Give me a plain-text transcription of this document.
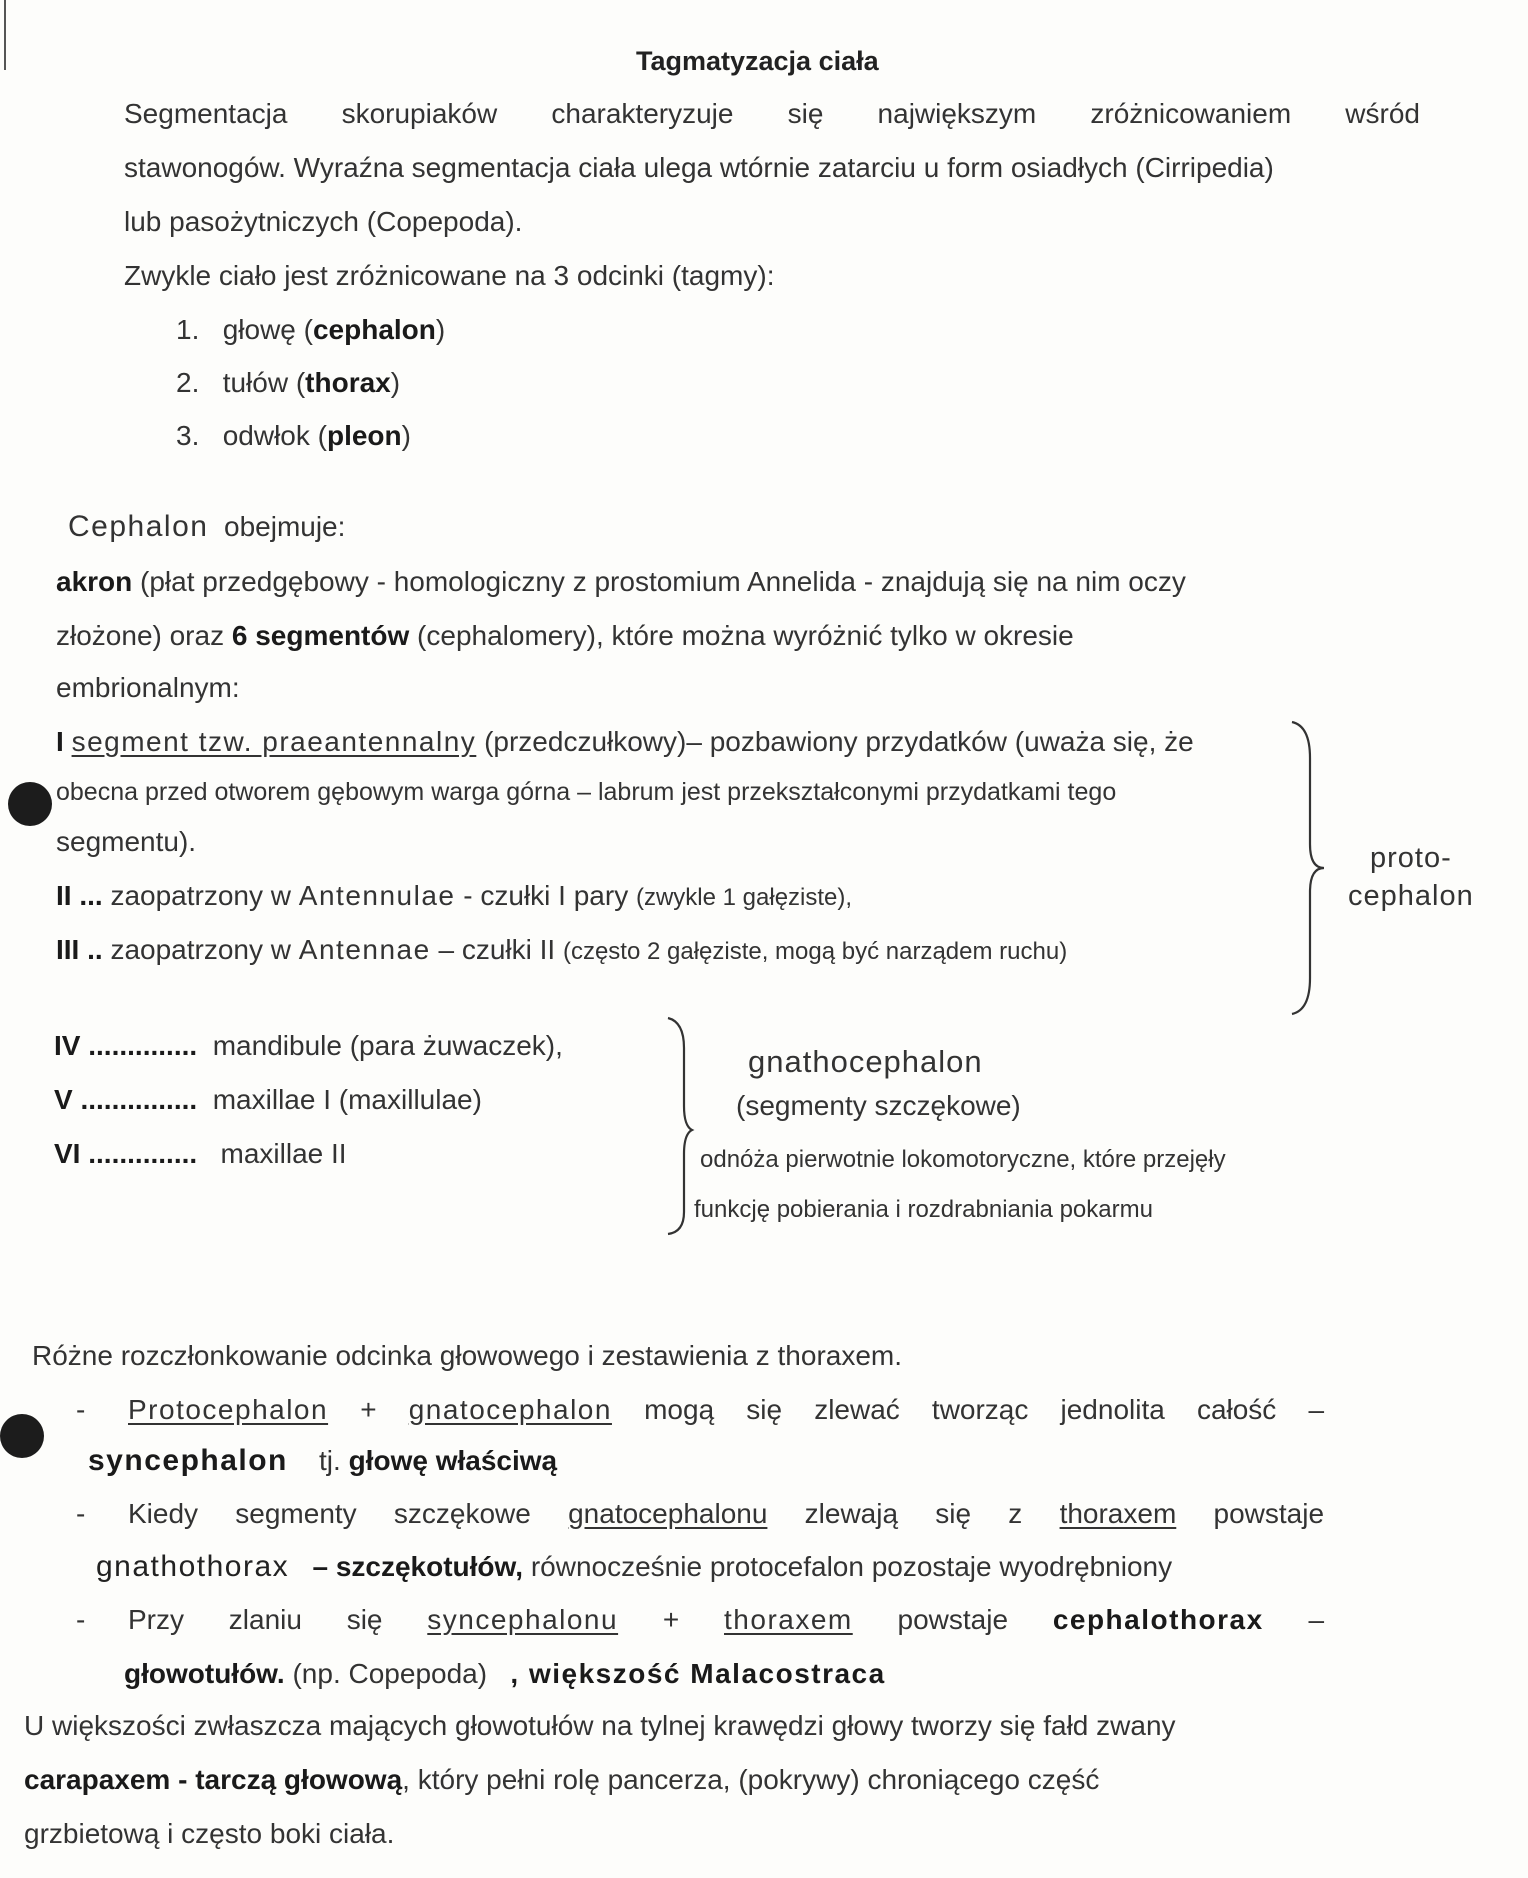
Tagmatyzacja ciała
Segmentacja skorupiaków charakteryzuje się największym zróżnicowaniem wśród
stawonogów. Wyraźna segmentacja ciała ulega wtórnie zatarciu u form osiadłych (Cirripedia)
lub pasożytniczych (Copepoda).
Zwykle ciało jest zróżnicowane na 3 odcinki (tagmy):
1. głowę (cephalon)
2. tułów (thorax)
3. odwłok (pleon)
Cephalon obejmuje:
akron (płat przedgębowy - homologiczny z prostomium Annelida - znajdują się na nim oczy
złożone) oraz 6 segmentów (cephalomery), które można wyróżnić tylko w okresie
embrionalnym:
I segment tzw. praeantennalny (przedczułkowy)– pozbawiony przydatków (uważa się, że
obecna przed otworem gębowym warga górna – labrum jest przekształconymi przydatkami tego
segmentu).
II ... zaopatrzony w Antennulae - czułki I pary (zwykle 1 gałęziste),
III .. zaopatrzony w Antennae – czułki II (często 2 gałęziste, mogą być narządem ruchu)
proto-
cephalon
IV .............. mandibule (para żuwaczek),
V ............... maxillae I (maxillulae)
VI .............. maxillae II
gnathocephalon
(segmenty szczękowe)
odnóża pierwotnie lokomotoryczne, które przejęły
funkcję pobierania i rozdrabniania pokarmu
Różne rozczłonkowanie odcinka głowowego i zestawienia z thoraxem.
- Protocephalon + gnatocephalon mogą się zlewać tworząc jednolita całość –
syncephalon tj. głowę właściwą
- Kiedy segmenty szczękowe gnatocephalonu zlewają się z thoraxem powstaje
gnathothorax – szczękotułów, równocześnie protocefalon pozostaje wyodrębniony
- Przy zlaniu się syncephalonu + thoraxem powstaje cephalothorax –
głowotułów. (np. Copepoda) , większość Malacostraca
U większości zwłaszcza mających głowotułów na tylnej krawędzi głowy tworzy się fałd zwany
carapaxem - tarczą głowową, który pełni rolę pancerza, (pokrywy) chroniącego część
grzbietową i często boki ciała.
